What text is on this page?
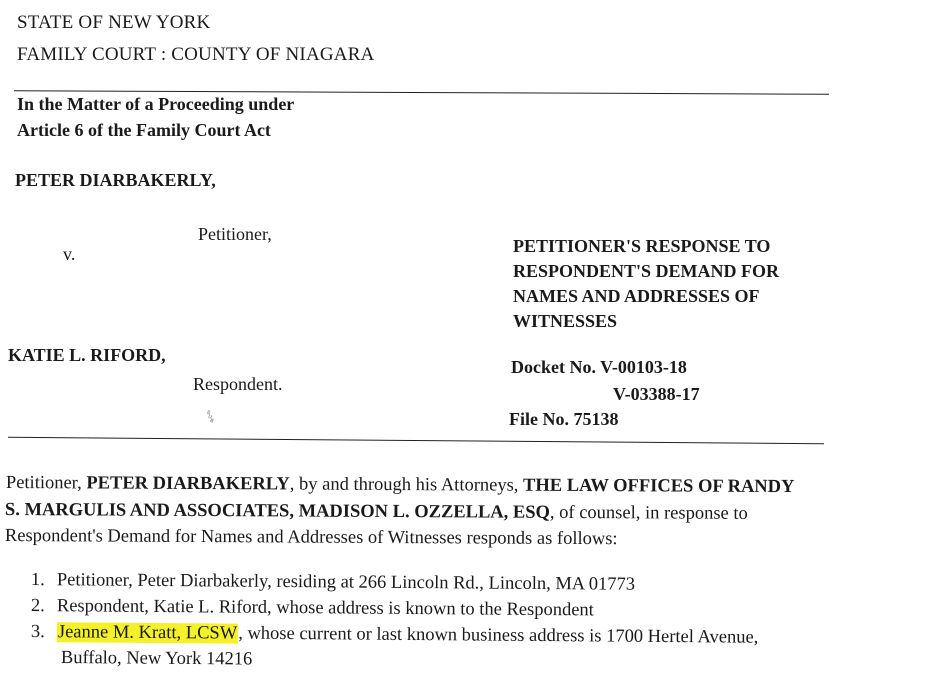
STATE OF NEW YORK
FAMILY COURT : COUNTY OF NIAGARA
In the Matter of a Proceeding under
Article 6 of the Family Court Act
PETER DIARBAKERLY,
Petitioner,
v.
KATIE L. RIFORD,
Respondent.
␚
PETITIONER'S RESPONSE TO
RESPONDENT'S DEMAND FOR
NAMES AND ADDRESSES OF
WITNESSES
Docket No. V-00103-18
V-03388-17
File No. 75138
Petitioner, PETER DIARBAKERLY, by and through his Attorneys, THE LAW OFFICES OF RANDY
S. MARGULIS AND ASSOCIATES, MADISON L. OZZELLA, ESQ, of counsel, in response to
Respondent's Demand for Names and Addresses of Witnesses responds as follows:
1. Petitioner, Peter Diarbakerly, residing at 266 Lincoln Rd., Lincoln, MA 01773
2. Respondent, Katie L. Riford, whose address is known to the Respondent
3. Jeanne M. Kratt, LCSW, whose current or last known business address is 1700 Hertel Avenue,
Buffalo, New York 14216
